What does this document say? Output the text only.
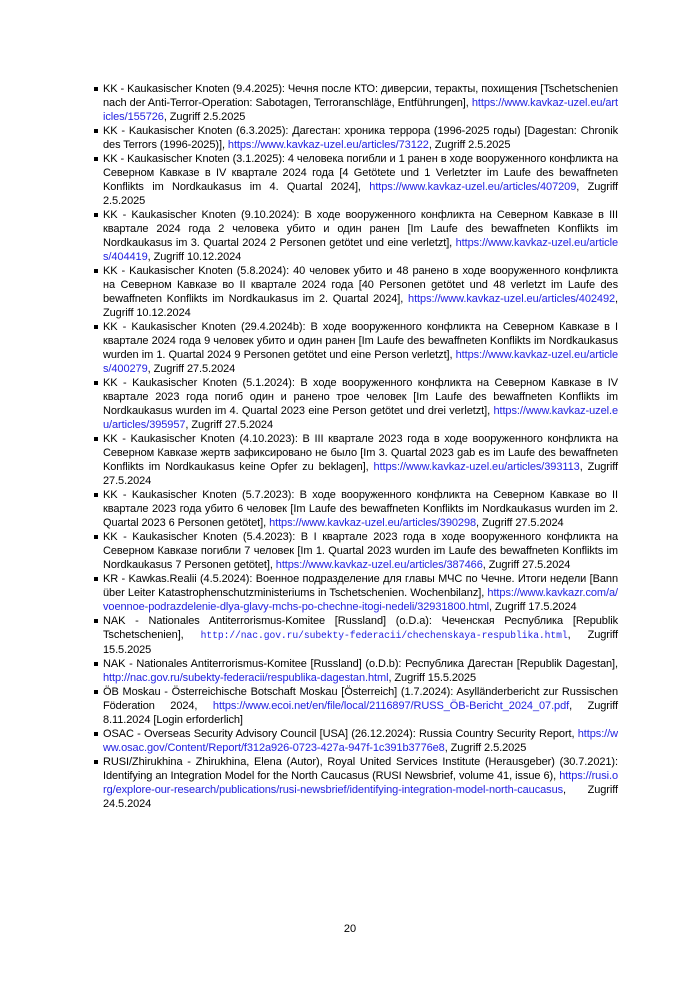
KK - Kaukasischer Knoten (9.4.2025): Чечня после КТО: диверсии, теракты, похищения [Tschetschenien nach der Anti-Terror-Operation: Sabotagen, Terroranschläge, Entführungen], https://www.kavkaz-uzel.eu/articles/155726, Zugriff 2.5.2025
KK - Kaukasischer Knoten (6.3.2025): Дагестан: хроника террора (1996-2025 годы) [Dagestan: Chronik des Terrors (1996-2025)], https://www.kavkaz-uzel.eu/articles/73122, Zugriff 2.5.2025
KK - Kaukasischer Knoten (3.1.2025): 4 человека погибли и 1 ранен в ходе вооруженного конфликта на Северном Кавказе в IV квартале 2024 года [4 Getötete und 1 Verletzter im Laufe des bewaffneten Konflikts im Nordkaukasus im 4. Quartal 2024], https://www.kavkaz-uzel.eu/articles/407209, Zugriff 2.5.2025
KK - Kaukasischer Knoten (9.10.2024): В ходе вооруженного конфликта на Северном Кавказе в III квартале 2024 года 2 человека убито и один ранен [Im Laufe des bewaffneten Konflikts im Nordkaukasus im 3. Quartal 2024 2 Personen getötet und eine verletzt], https://www.kavkaz-uzel.eu/articles/404419, Zugriff 10.12.2024
KK - Kaukasischer Knoten (5.8.2024): 40 человек убито и 48 ранено в ходе вооруженного конфликта на Северном Кавказе во II квартале 2024 года [40 Personen getötet und 48 verletzt im Laufe des bewaffneten Konflikts im Nordkaukasus im 2. Quartal 2024], https://www.kavkaz-uzel.eu/articles/402492, Zugriff 10.12.2024
KK - Kaukasischer Knoten (29.4.2024b): В ходе вооруженного конфликта на Северном Кавказе в I квартале 2024 года 9 человек убито и один ранен [Im Laufe des bewaffneten Konflikts im Nordkaukasus wurden im 1. Quartal 2024 9 Personen getötet und eine Person verletzt], https://www.kavkaz-uzel.eu/articles/400279, Zugriff 27.5.2024
KK - Kaukasischer Knoten (5.1.2024): В ходе вооруженного конфликта на Северном Кавказе в IV квартале 2023 года погиб один и ранено трое человек [Im Laufe des bewaffneten Konflikts im Nordkaukasus wurden im 4. Quartal 2023 eine Person getötet und drei verletzt], https://www.kavkaz-uzel.eu/articles/395957, Zugriff 27.5.2024
KK - Kaukasischer Knoten (4.10.2023): В III квартале 2023 года в ходе вооруженного конфликта на Северном Кавказе жертв зафиксировано не было [Im 3. Quartal 2023 gab es im Laufe des bewaffneten Konflikts im Nordkaukasus keine Opfer zu beklagen], https://www.kavkaz-uzel.eu/articles/393113, Zugriff 27.5.2024
KK - Kaukasischer Knoten (5.7.2023): В ходе вооруженного конфликта на Северном Кавказе во II квартале 2023 года убито 6 человек [Im Laufe des bewaffneten Konflikts im Nordkaukasus wurden im 2. Quartal 2023 6 Personen getötet], https://www.kavkaz-uzel.eu/articles/390298, Zugriff 27.5.2024
KK - Kaukasischer Knoten (5.4.2023): В I квартале 2023 года в ходе вооруженного конфликта на Северном Кавказе погибли 7 человек [Im 1. Quartal 2023 wurden im Laufe des bewaffneten Konflikts im Nordkaukasus 7 Personen getötet], https://www.kavkaz-uzel.eu/articles/387466, Zugriff 27.5.2024
KR - Kawkas.Realii (4.5.2024): Военное подразделение для главы МЧС по Чечне. Итоги недели [Bann über Leiter Katastrophenschutzministeriums in Tschetschenien. Wochenbilanz], https://www.kavkazr.com/a/voennoe-podrazdelenie-dlya-glavy-mchs-po-chechne-itogi-nedeli/32931800.html, Zugriff 17.5.2024
NAK - Nationales Antiterrorismus-Komitee [Russland] (o.D.a): Чеченская Республика [Republik Tschetschenien], http://nac.gov.ru/subekty-federacii/chechenskaya-respublika.html, Zugriff 15.5.2025
NAK - Nationales Antiterrorismus-Komitee [Russland] (o.D.b): Республика Дагестан [Republik Dagestan], http://nac.gov.ru/subekty-federacii/respublika-dagestan.html, Zugriff 15.5.2025
ÖB Moskau - Österreichische Botschaft Moskau [Österreich] (1.7.2024): Asylländerbericht zur Russischen Föderation 2024, https://www.ecoi.net/en/file/local/2116897/RUSS_ÖB-Bericht_2024_07.pdf, Zugriff 8.11.2024 [Login erforderlich]
OSAC - Overseas Security Advisory Council [USA] (26.12.2024): Russia Country Security Report, https://www.osac.gov/Content/Report/f312a926-0723-427a-947f-1c391b3776e8, Zugriff 2.5.2025
RUSI/Zhirukhina - Zhirukhina, Elena (Autor), Royal United Services Institute (Herausgeber) (30.7.2021): Identifying an Integration Model for the North Caucasus (RUSI Newsbrief, volume 41, issue 6), https://rusi.org/explore-our-research/publications/rusi-newsbrief/identifying-integration-model-north-caucasus, Zugriff 24.5.2024
20
